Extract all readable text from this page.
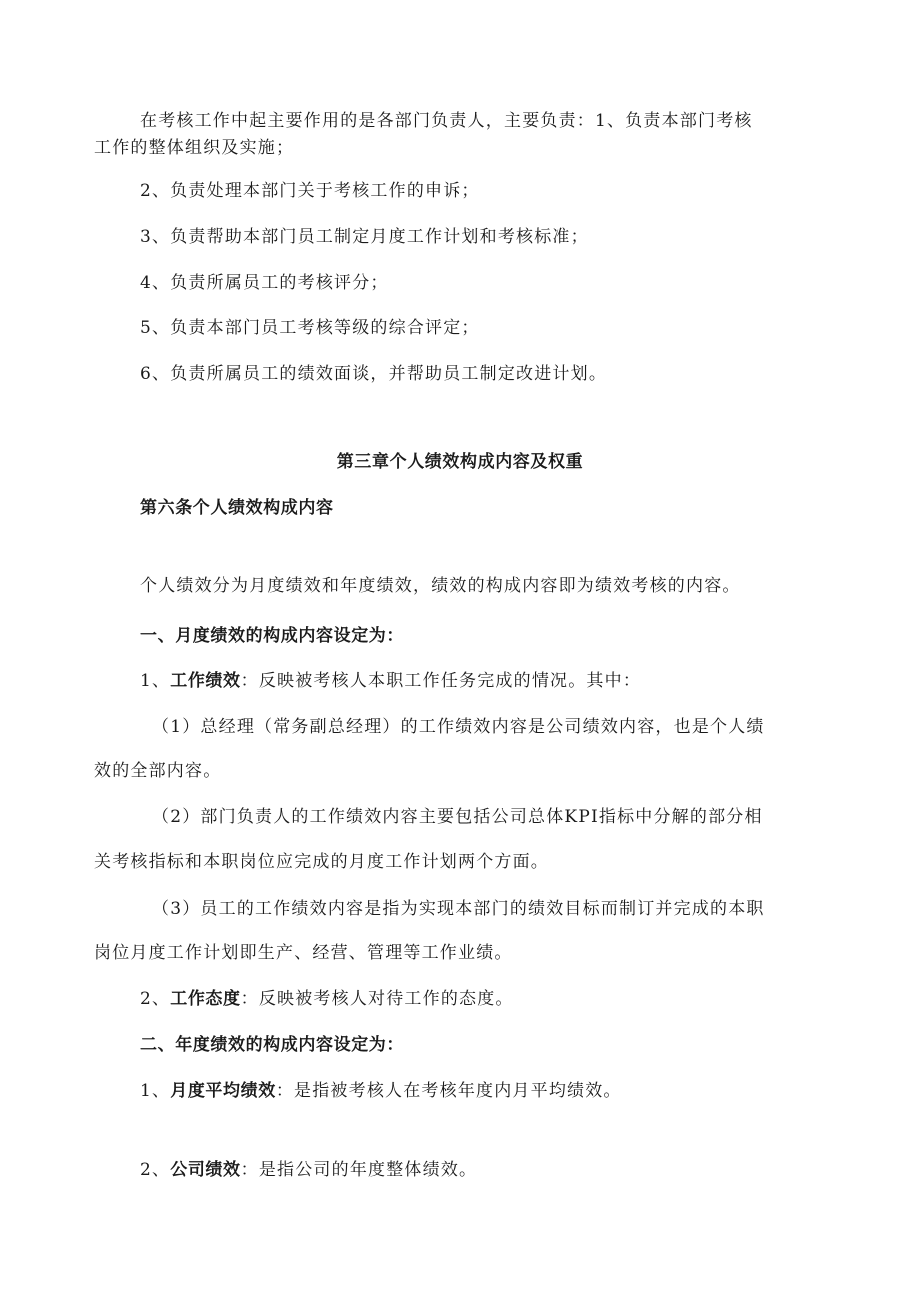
在考核工作中起主要作用的是各部门负责人，主要负责：1、负责本部门考核
工作的整体组织及实施；
2、负责处理本部门关于考核工作的申诉；
3、负责帮助本部门员工制定月度工作计划和考核标准；
4、负责所属员工的考核评分；
5、负责本部门员工考核等级的综合评定；
6、负责所属员工的绩效面谈，并帮助员工制定改进计划。
第三章个人绩效构成内容及权重
第六条个人绩效构成内容
个人绩效分为月度绩效和年度绩效，绩效的构成内容即为绩效考核的内容。
一、月度绩效的构成内容设定为：
1、工作绩效：反映被考核人本职工作任务完成的情况。其中：
（1）总经理（常务副总经理）的工作绩效内容是公司绩效内容，也是个人绩
效的全部内容。
（2）部门负责人的工作绩效内容主要包括公司总体KPI指标中分解的部分相
关考核指标和本职岗位应完成的月度工作计划两个方面。
（3）员工的工作绩效内容是指为实现本部门的绩效目标而制订并完成的本职
岗位月度工作计划即生产、经营、管理等工作业绩。
2、工作态度：反映被考核人对待工作的态度。
二、年度绩效的构成内容设定为：
1、月度平均绩效：是指被考核人在考核年度内月平均绩效。
2、公司绩效：是指公司的年度整体绩效。
